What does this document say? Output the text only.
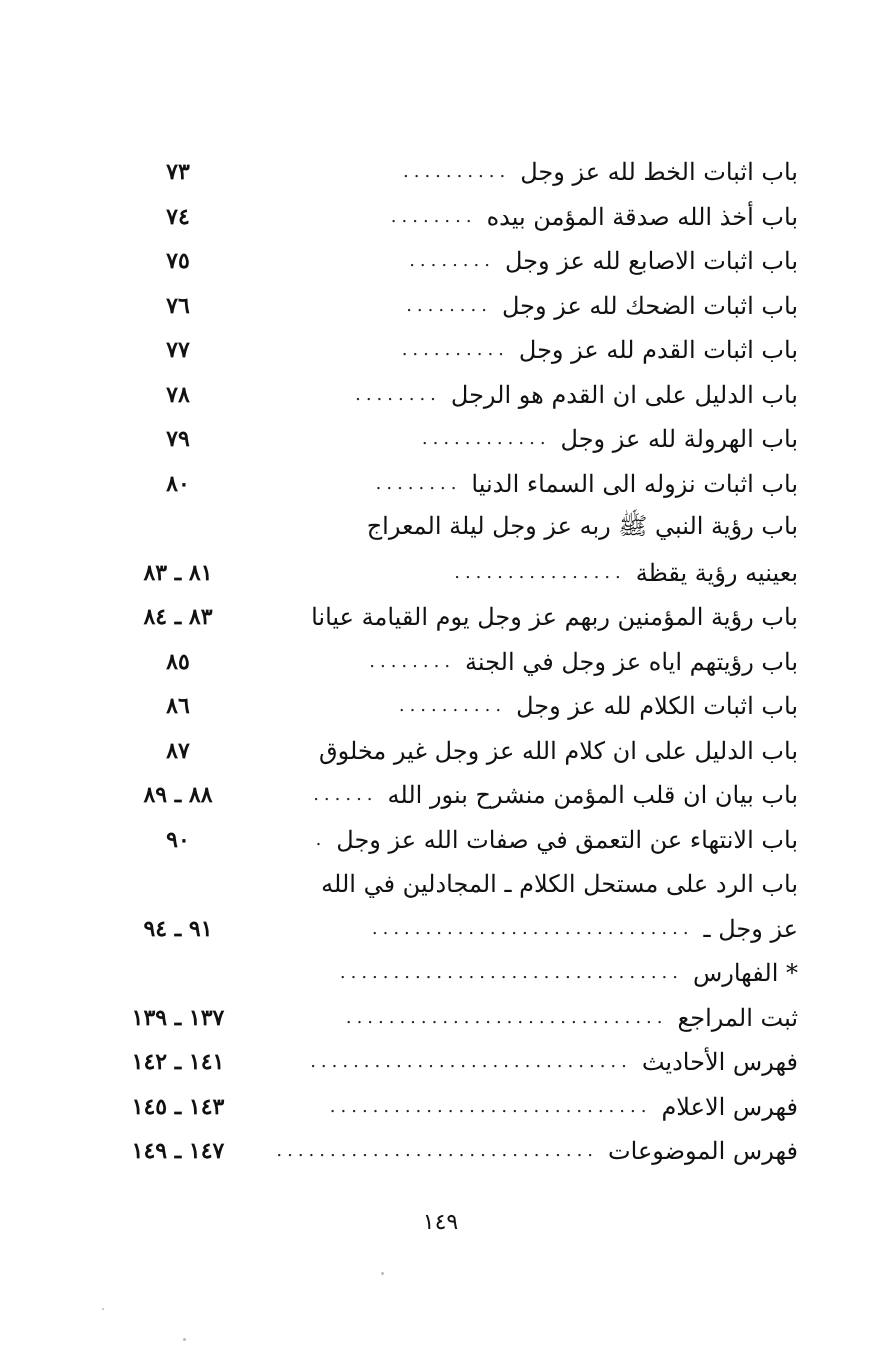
باب اثبات الخط لله عز وجل
..........
٧٣
باب أخذ الله صدقة المؤمن بيده
........
٧٤
باب اثبات الاصابع لله عز وجل
........
٧٥
باب اثبات الضحك لله عز وجل
........
٧٦
باب اثبات القدم لله عز وجل
..........
٧٧
باب الدليل على ان القدم هو الرجل
........
٧٨
باب الهرولة لله عز وجل
............
٧٩
باب اثبات نزوله الى السماء الدنيا
........
٨٠
باب رؤية النبي ﷺ ربه عز وجل ليلة المعراج
بعينيه رؤية يقظة
................
٨١ ـ ٨٣
باب رؤية المؤمنين ربهم عز وجل يوم القيامة عيانا
٨٣ ـ ٨٤
باب رؤيتهم اياه عز وجل في الجنة
........
٨٥
باب اثبات الكلام لله عز وجل
..........
٨٦
باب الدليل على ان كلام الله عز وجل غير مخلوق
٨٧
باب بيان ان قلب المؤمن منشرح بنور الله
......
٨٨ ـ ٨٩
باب الانتهاء عن التعمق في صفات الله عز وجل
.
٩٠
باب الرد على مستحل الكلام ـ المجادلين في الله
عز وجل ـ
..............................
٩١ ـ ٩٤
* الفهارس
................................
ثبت المراجع
..............................
١٣٧ ـ ١٣٩
فهرس الأحاديث
..............................
١٤١ ـ ١٤٢
فهرس الاعلام
..............................
١٤٣ ـ ١٤٥
فهرس الموضوعات
..............................
١٤٧ ـ ١٤٩
١٤٩
